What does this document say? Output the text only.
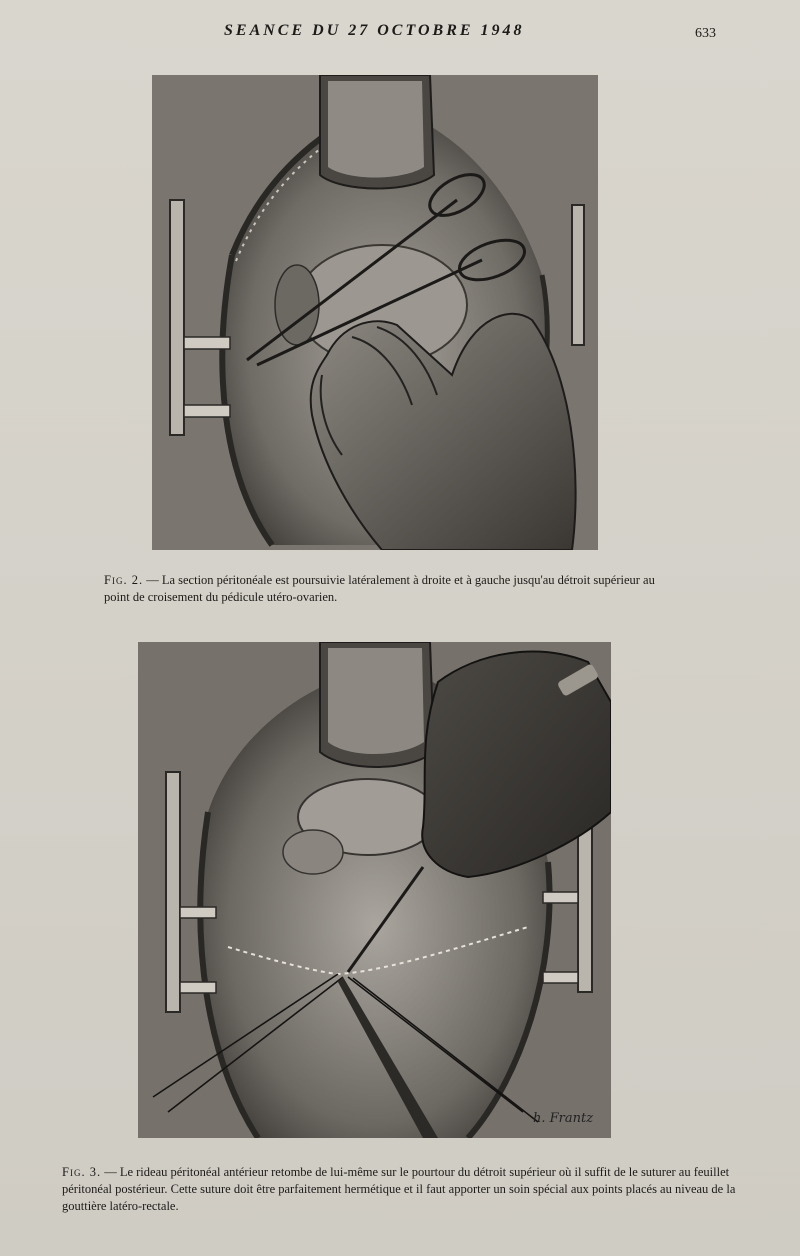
SEANCE DU 27 OCTOBRE 1948	633
Fig. 2. — La section péritonéale est poursuivie latéralement à droite et à gauche jusqu'au détroit supérieur au point de croisement du pédicule utéro-ovarien.
h. Frantz
Fig. 3. — Le rideau péritonéal antérieur retombe de lui-même sur le pourtour du détroit supérieur où il suffit de le suturer au feuillet péritonéal postérieur. Cette suture doit être parfaitement hermétique et il faut apporter un soin spécial aux points placés au niveau de la gouttière latéro-rectale.
